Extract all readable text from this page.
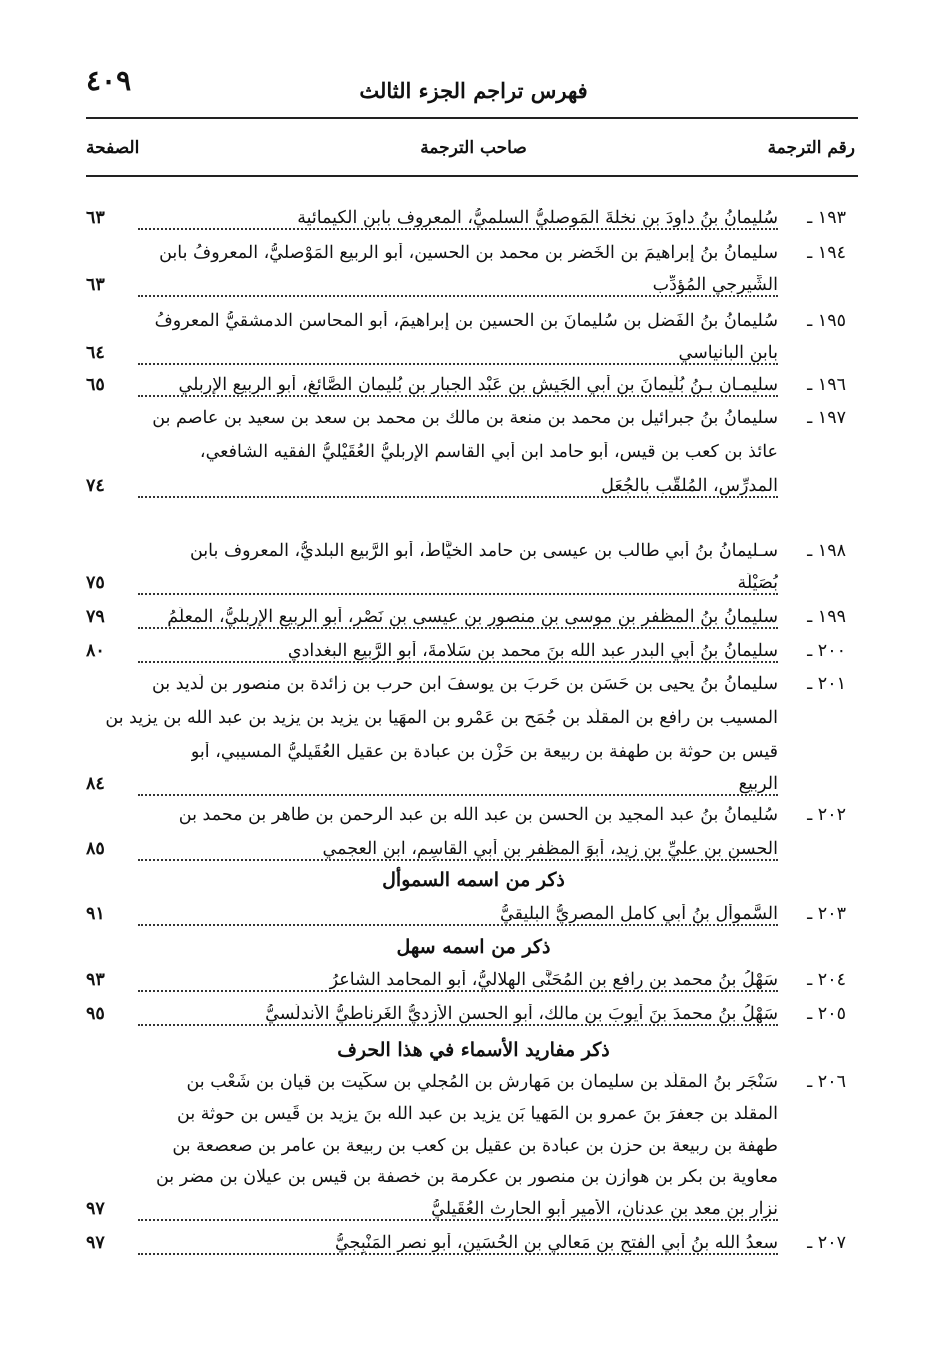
٤٠٩	فهرس تراجم الجزء الثالث
رقم الترجمة
صاحب الترجمة
الصفحة
١٩٣ ـ
سُليمانُ بنُ داودَ بن نخلةَ المَوصليُّ السلميُّ، المعروف بابن الكيمائية
٦٣
١٩٤ ـ
سليمانُ بنُ إبراهيمَ بن الخَضر بن محمد بن الحسين، أبو الربيع المَوْصليُّ، المعروفُ بابن
الشِّيرجي المُؤدِّب
٦٣
١٩٥ ـ
سُليمانُ بنُ الفَضل بن سُليمانَ بن الحسين بن إبراهيمَ، أبو المحاسن الدمشقيُّ المعروفُ
بابن البانياسي
٦٤
١٩٦ ـ
سليمـان بـنُ بُلَيمانَ بن أبي الجَيش بن عَبْد الجبار بن بُليمان الصَّائغ، أبو الربيع الإربلي
٦٥
١٩٧ ـ
سليمانُ بنُ جبرائيل بن محمد بن منعة بن مالك بن محمد بن سعد بن سعيد بن عاصم بن
عائذ بن كعب بن قيس، أبو حامد ابن أبي القاسم الإربليُّ العُقَيْليُّ الفقيه الشافعي،
المدرِّس، المُلقَّب بالجُعَل
٧٤
١٩٨ ـ
سـليمانُ بنُ أبي طالب بن عيسى بن حامد الخيَّاطُ، أبو الرَّبيع البلديُّ، المعروف بابن
بُصَيْلَة
٧٥
١٩٩ ـ
سليمانُ بنُ المظفر بن موسى بن منصور بن عيسى بن نَصْر، أبو الربيع الإربليُّ، المعلِّمُ
٧٩
٢٠٠ ـ
سليمانُ بنُ أبي البدر عبد الله بنَ محمد بن سَلامةَ، أبو الرَّبيع البغدادي
٨٠
٢٠١ ـ
سليمانُ بنُ يحيى بن حَسَن بن حَربَ بن يوسفَ ابن حرب بن زائدة بن منصور بن لَديد بن
المسيب بن رافع بن المقلّد بن جُمَح بن عَمْرو بن المهَيا بن يزيد بن يزيد بن عبد الله بن يزيد بن
قيس بن حوثة بن طهفة بن ربيعة بن حَزْن بن عبادة بن عقيل العُقَيليُّ المسيبي، أبو
الربيع
٨٤
٢٠٢ ـ
سُليمانُ بنُ عبد المجيد بن الحسن بن عبد الله بن عبد الرحمن بن طاهر بن محمد بن
الحسن بن عليِّ بن زيد، أبوَ المظفر بن أبي القاسِم، ابن العجمي
٨٥
ذكر من اسمه السموأل
٢٠٣ ـ
السَّموأل بنُ أبي كامل المصريُّ البليقيُّ
٩١
ذكر من اسمه سهل
٢٠٤ ـ
سَهْلُ بنُ محمد بن رافع بن المُحَنَّى الهلاليُّ، أبو المحامد الشاعرُ
٩٣
٢٠٥ ـ
سَهْلُ بنُ محمدَ بنَ أيوبَ بن مالك، أبو الحسن الأزديُّ الغَرناطيُّ الأندلُسيُّ
٩٥
ذكر مفاريد الأسماء في هذا الحرف
٢٠٦ ـ
سَنْجَر بنُ المقلّد بن سليمان بن مَهارش بن المُجلي بن سكَّيت بن قيان بن شَعْب بن
المقلد بن جعفرَ بنَ عمرو بن المَهيا بَن يزيد بن عبد الله بنَ يزيد بن قَيس بن حوثة بن
طهفة بن ربيعة بن حزن بن عبادة بن عقيل بن كعب بن ربيعة بن عامر بن صعصعة بن
معاوية بن بكر بن هوازن بن منصور بن عكرمة بن خصفة بن قيس بن عيلان بن مضر بن
نزار بن معد بن عدنان، الأمير أبو الحارث العُقَيليُّ
٩٧
٢٠٧ ـ
سعدُ الله بنُ أبي الفتح بن مَعالي بن الحُسَين، أبو نصر المَنْبِجيُّ
٩٧
